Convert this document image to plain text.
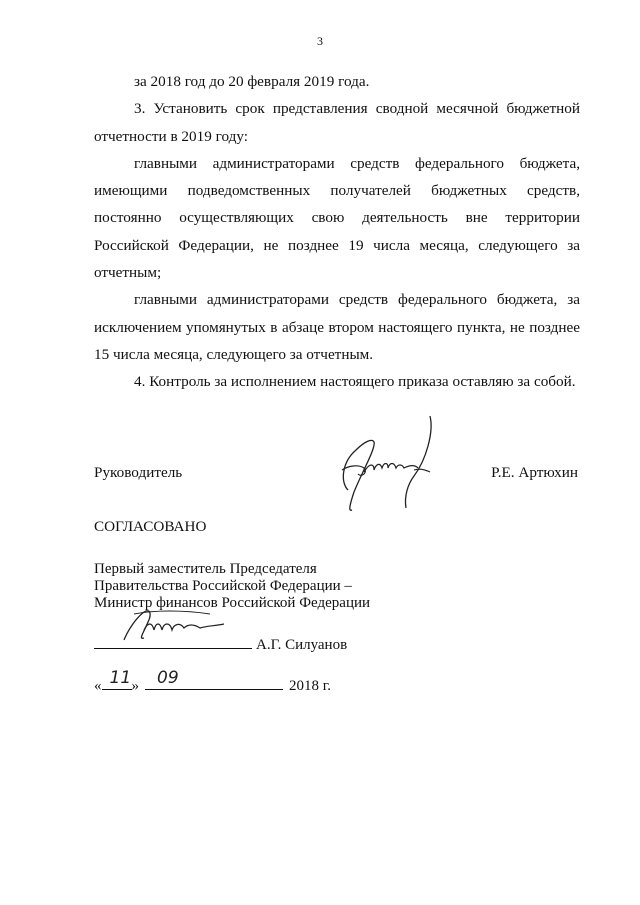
3

за 2018 год до 20 февраля 2019 года.

3. Установить срок представления сводной месячной бюджетной отчетности в 2019 году:

главными администраторами средств федерального бюджета, имеющими подведомственных получателей бюджетных средств, постоянно осуществляющих свою деятельность вне территории Российской Федерации, не позднее 19 числа месяца, следующего за отчетным;

главными администраторами средств федерального бюджета, за исключением упомянутых в абзаце втором настоящего пункта, не позднее 15 числа месяца, следующего за отчетным.

4. Контроль за исполнением настоящего приказа оставляю за собой.

Руководитель	Р.Е. Артюхин
СОГЛАСОВАНО
Первый заместитель Председателя
Правительства Российской Федерации –
Министр финансов Российской Федерации
А.Г. Силуанов
« 11 » 09	2018 г.
